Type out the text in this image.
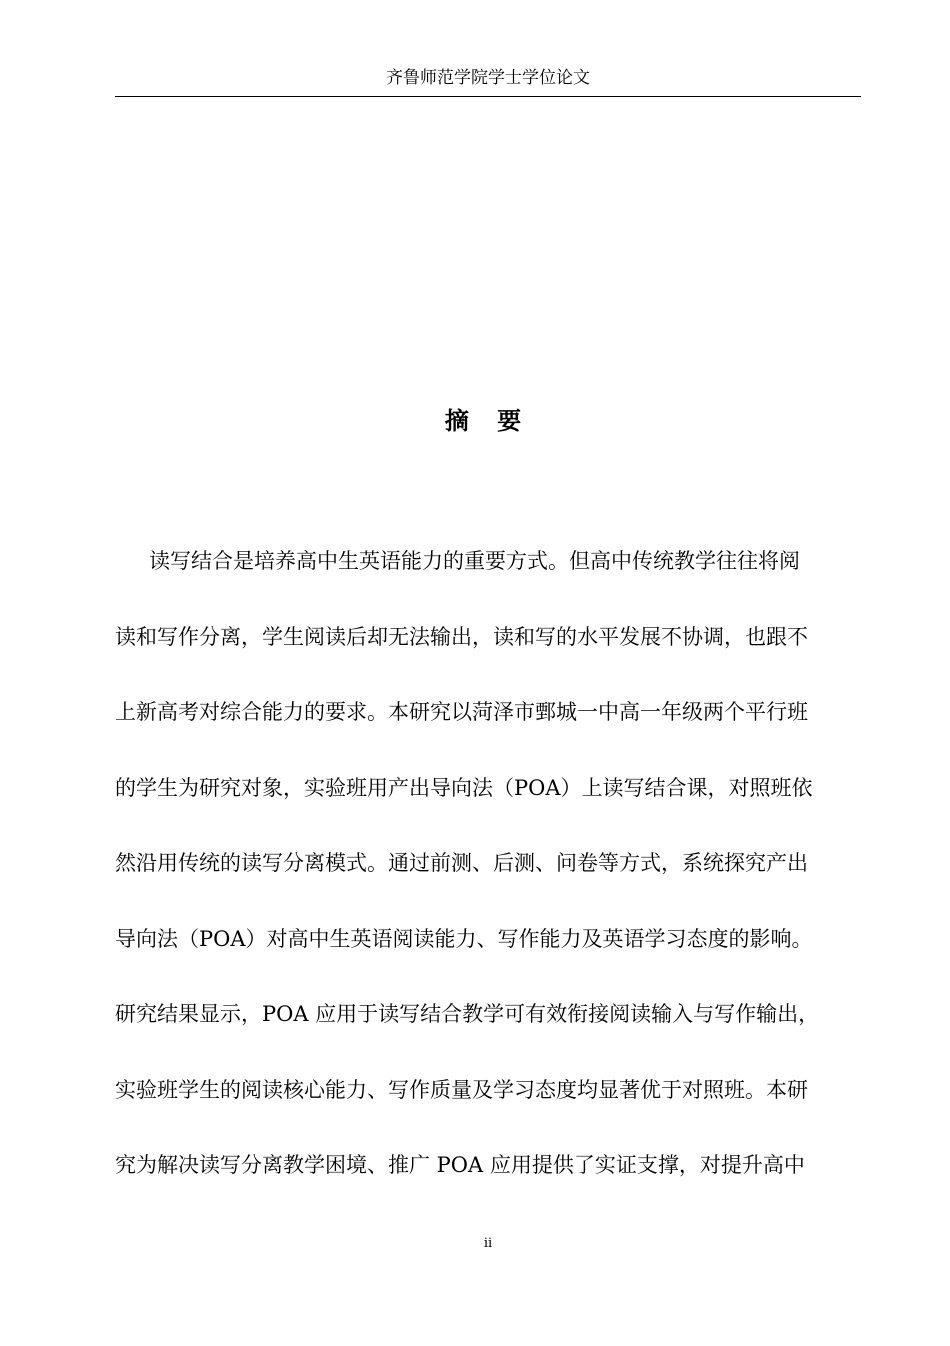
齐鲁师范学院学士学位论文
摘 要
读写结合是培养高中生英语能力的重要方式。但高中传统教学往往将阅
读和写作分离，学生阅读后却无法输出，读和写的水平发展不协调，也跟不
上新高考对综合能力的要求。本研究以菏泽市鄄城一中高一年级两个平行班
的学生为研究对象，实验班用产出导向法（POA）上读写结合课，对照班依
然沿用传统的读写分离模式。通过前测、后测、问卷等方式，系统探究产出
导向法（POA）对高中生英语阅读能力、写作能力及英语学习态度的影响。
研究结果显示，POA 应用于读写结合教学可有效衔接阅读输入与写作输出，
实验班学生的阅读核心能力、写作质量及学习态度均显著优于对照班。本研
究为解决读写分离教学困境、推广 POA 应用提供了实证支撑，对提升高中
ii
